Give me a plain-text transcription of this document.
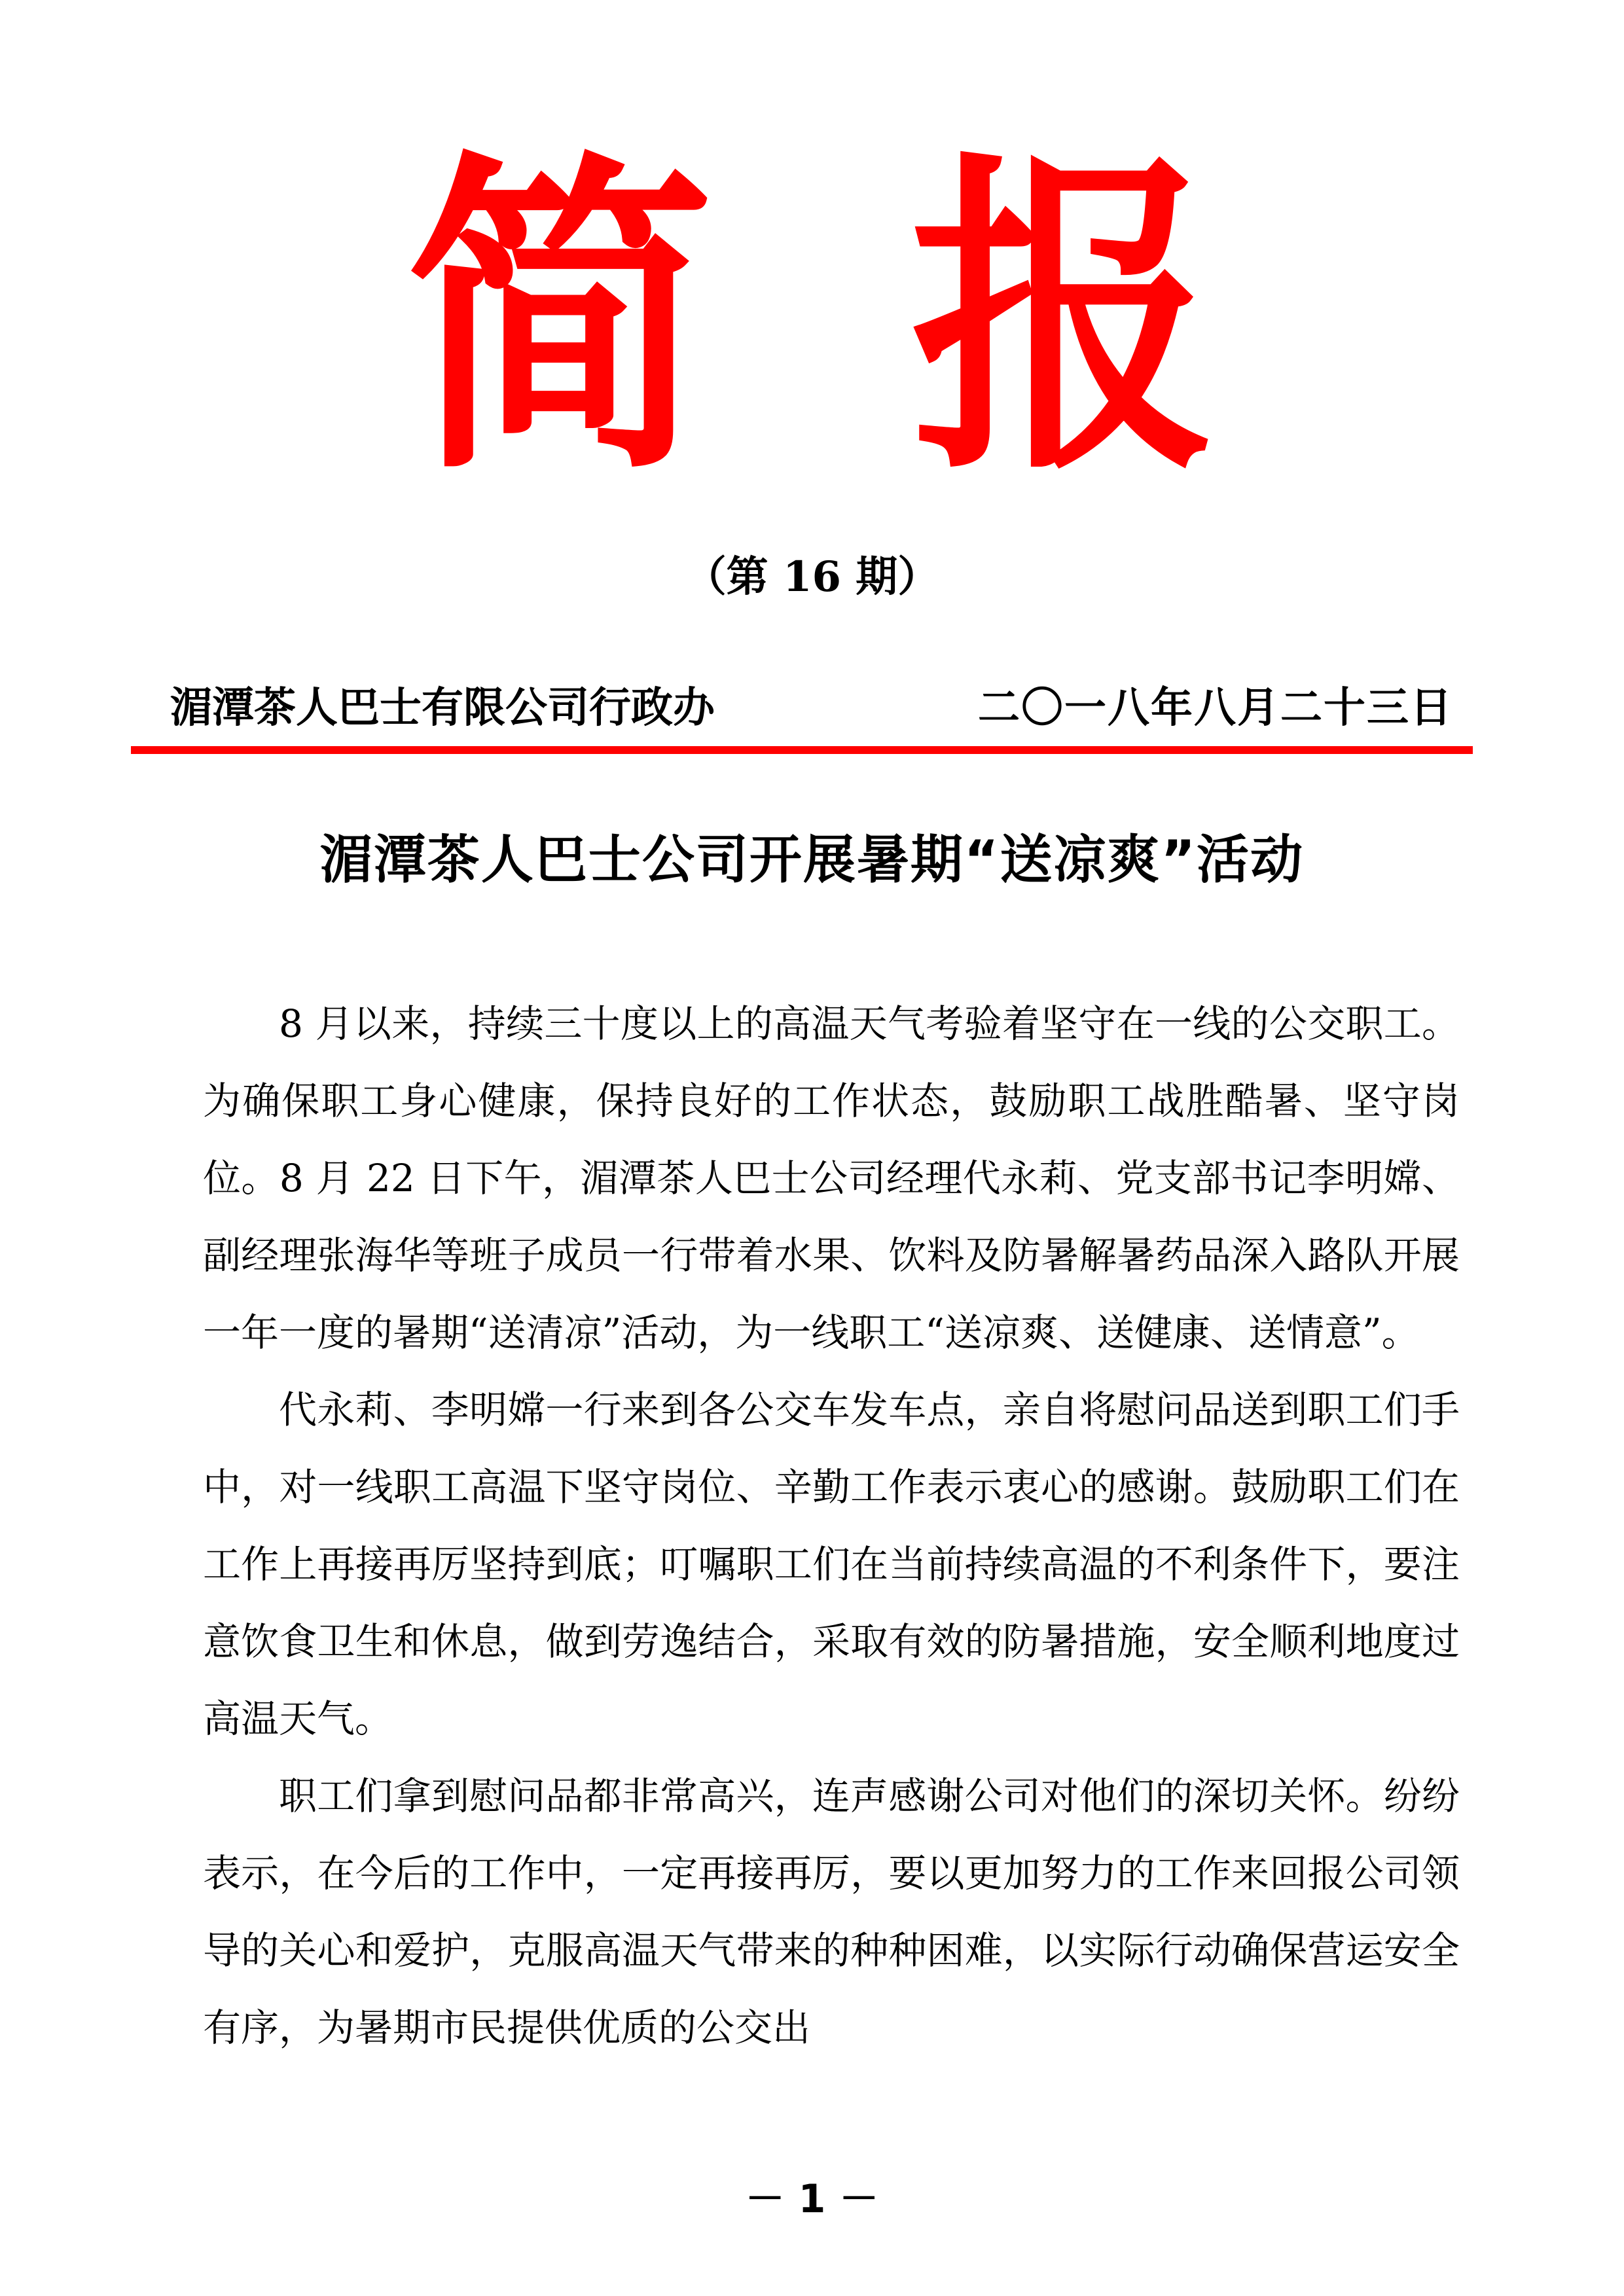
简 报
（第 16 期）
湄潭茶人巴士有限公司行政办	二〇一八年八月二十三日
湄潭茶人巴士公司开展暑期“送凉爽”活动

8 月以来，持续三十度以上的高温天气考验着坚守在一线的公交职工。为确保职工身心健康，保持良好的工作状态，鼓励职工战胜酷暑、坚守岗位。8 月 22 日下午，湄潭茶人巴士公司经理代永莉、党支部书记李明嫦、副经理张海华等班子成员一行带着水果、饮料及防暑解暑药品深入路队开展一年一度的暑期“送清凉”活动，为一线职工“送凉爽、送健康、送情意”。

代永莉、李明嫦一行来到各公交车发车点，亲自将慰问品送到职工们手中，对一线职工高温下坚守岗位、辛勤工作表示衷心的感谢。鼓励职工们在工作上再接再厉坚持到底；叮嘱职工们在当前持续高温的不利条件下，要注意饮食卫生和休息，做到劳逸结合，采取有效的防暑措施，安全顺利地度过高温天气。

职工们拿到慰问品都非常高兴，连声感谢公司对他们的深切关怀。纷纷表示，在今后的工作中，一定再接再厉，要以更加努力的工作来回报公司领导的关心和爱护，克服高温天气带来的种种困难，以实际行动确保营运安全有序，为暑期市民提供优质的公交出

－ 1 －
